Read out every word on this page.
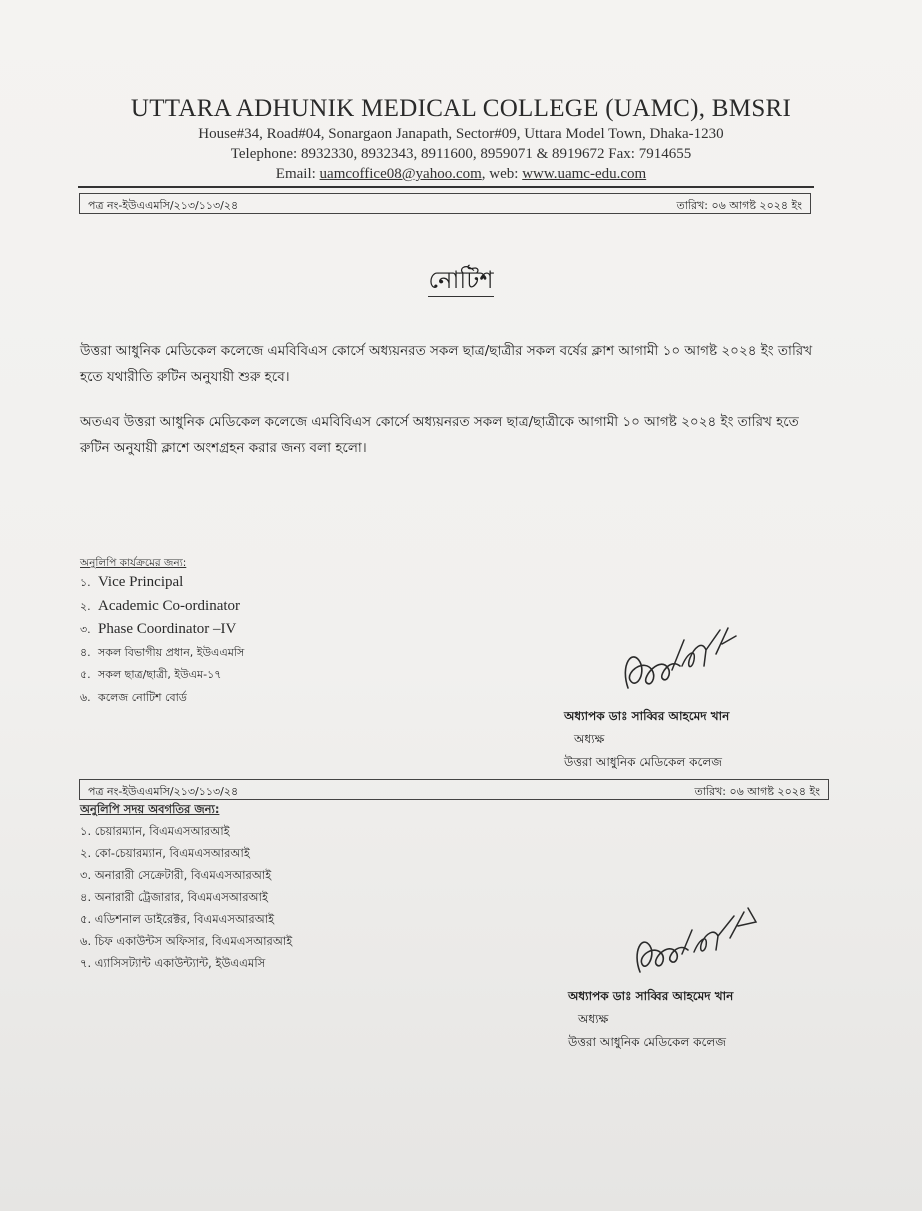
UTTARA ADHUNIK MEDICAL COLLEGE (UAMC), BMSRI
House#34, Road#04, Sonargaon Janapath, Sector#09, Uttara Model Town, Dhaka-1230
Telephone: 8932330, 8932343, 8911600, 8959071 & 8919672 Fax: 7914655
Email: uamcoffice08@yahoo.com, web: www.uamc-edu.com
পত্র নং-ইউএএমসি/২১৩/১১৩/২৪	তারিখ: ০৬ আগষ্ট ২০২৪ ইং
নোটিশ
উত্তরা আধুনিক মেডিকেল কলেজে এমবিবিএস কোর্সে অধ্যয়নরত সকল ছাত্র/ছাত্রীর সকল বর্ষের ক্লাশ আগামী ১০ আগষ্ট ২০২৪ ইং তারিখ হতে যথারীতি রুটিন অনুযায়ী শুরু হবে।
অতএব উত্তরা আধুনিক মেডিকেল কলেজে এমবিবিএস কোর্সে অধ্যয়নরত সকল ছাত্র/ছাত্রীকে আগামী ১০ আগষ্ট ২০২৪ ইং তারিখ হতে রুটিন অনুযায়ী ক্লাশে অংশগ্রহন করার জন্য বলা হলো।
অনুলিপি কার্যক্রমের জন্য:
১. Vice Principal
২. Academic Co-ordinator
৩. Phase Coordinator –IV
৪. সকল বিভাগীয় প্রধান, ইউএএমসি
৫. সকল ছাত্র/ছাত্রী, ইউএম-১৭
৬. কলেজ নোটিশ বোর্ড
অধ্যাপক ডাঃ সাব্বির আহমেদ খান
অধ্যক্ষ
উত্তরা আধুনিক মেডিকেল কলেজ
পত্র নং-ইউএএমসি/২১৩/১১৩/২৪	তারিখ: ০৬ আগষ্ট ২০২৪ ইং
অনুলিপি সদয় অবগতির জন্য:
১. চেয়ারম্যান, বিএমএসআরআই
২. কো-চেয়ারম্যান, বিএমএসআরআই
৩. অনারারী সেক্রেটারী, বিএমএসআরআই
৪. অনারারী ট্রেজারার, বিএমএসআরআই
৫. এডিশনাল ডাইরেক্টর, বিএমএসআরআই
৬. চিফ একাউন্টস অফিসার, বিএমএসআরআই
৭. এ্যাসিসট্যান্ট একাউন্ট্যান্ট, ইউএএমসি
অধ্যাপক ডাঃ সাব্বির আহমেদ খান
অধ্যক্ষ
উত্তরা আধুনিক মেডিকেল কলেজ
